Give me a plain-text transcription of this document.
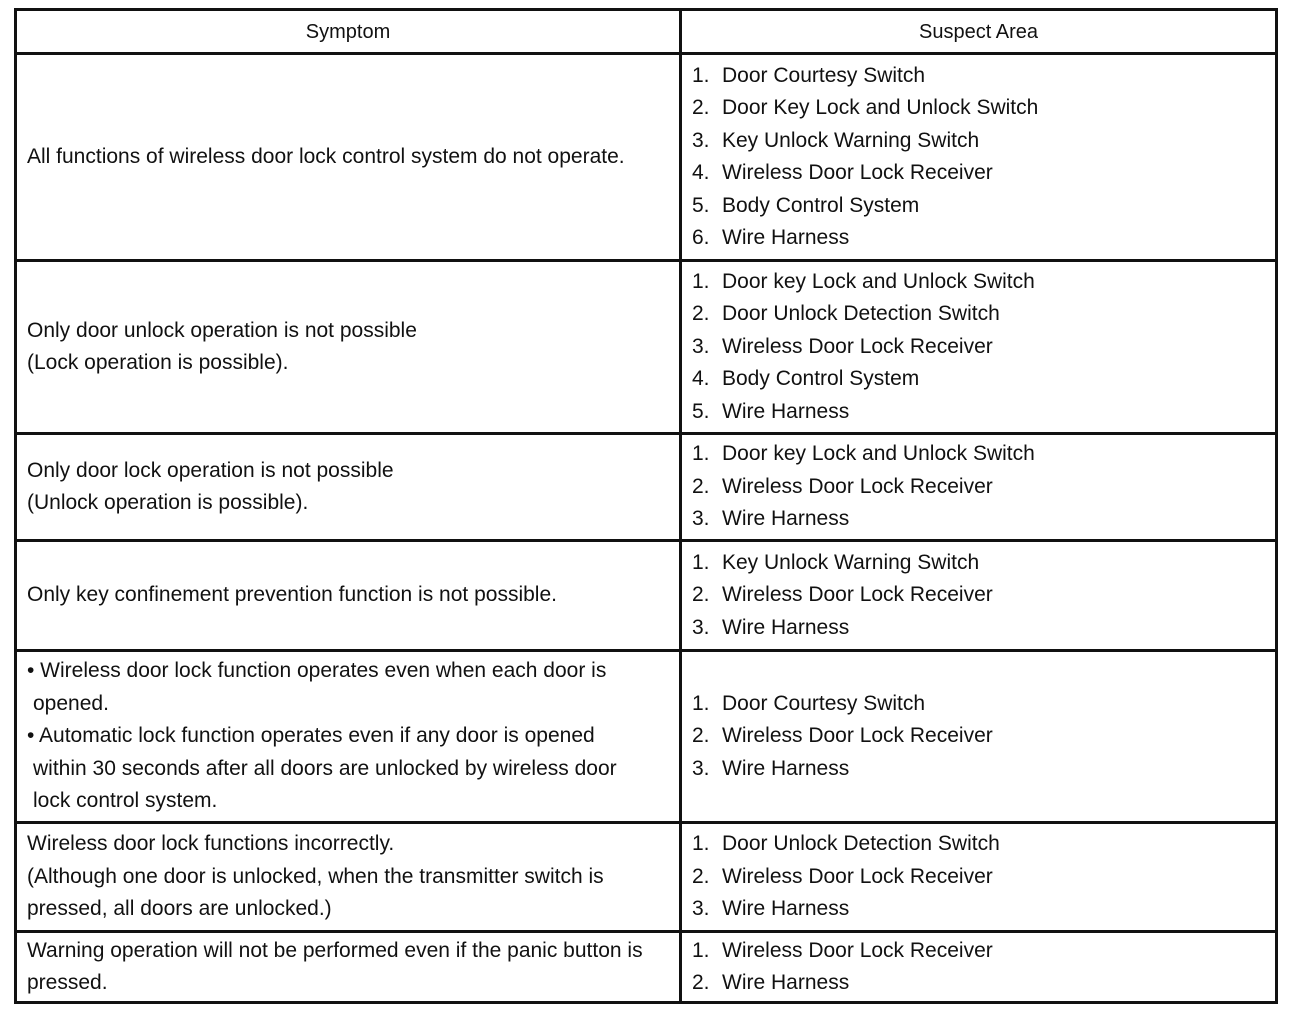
Symptom	Suspect Area
All functions of wireless door lock control system do not operate.
1. Door Courtesy Switch
2. Door Key Lock and Unlock Switch
3. Key Unlock Warning Switch
4. Wireless Door Lock Receiver
5. Body Control System
6. Wire Harness
Only door unlock operation is not possible
(Lock operation is possible).
1. Door key Lock and Unlock Switch
2. Door Unlock Detection Switch
3. Wireless Door Lock Receiver
4. Body Control System
5. Wire Harness
Only door lock operation is not possible
(Unlock operation is possible).
1. Door key Lock and Unlock Switch
2. Wireless Door Lock Receiver
3. Wire Harness
Only key confinement prevention function is not possible.
1. Key Unlock Warning Switch
2. Wireless Door Lock Receiver
3. Wire Harness
• Wireless door lock function operates even when each door is
opened.
• Automatic lock function operates even if any door is opened
within 30 seconds after all doors are unlocked by wireless door
lock control system.
1. Door Courtesy Switch
2. Wireless Door Lock Receiver
3. Wire Harness
Wireless door lock functions incorrectly.
(Although one door is unlocked, when the transmitter switch is
pressed, all doors are unlocked.)
1. Door Unlock Detection Switch
2. Wireless Door Lock Receiver
3. Wire Harness
Warning operation will not be performed even if the panic button is
pressed.
1. Wireless Door Lock Receiver
2. Wire Harness
